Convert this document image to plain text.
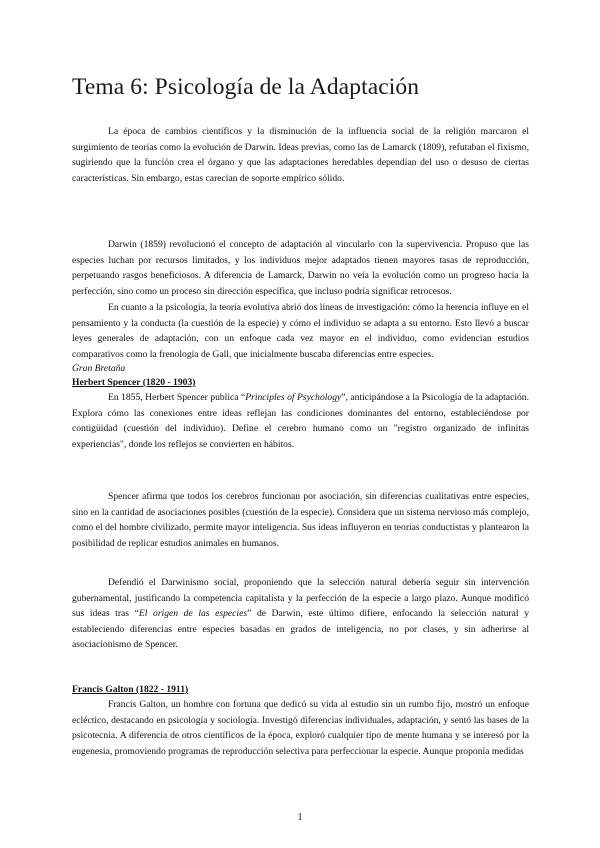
Tema 6: Psicología de la Adaptación

La época de cambios científicos y la disminución de la influencia social de la religión marcaron el surgimiento de teorías como la evolución de Darwin. Ideas previas, como las de Lamarck (1809), refutaban el fixismo, sugiriendo que la función crea el órgano y que las adaptaciones heredables dependían del uso o desuso de ciertas características. Sin embargo, estas carecían de soporte empírico sólido.

Darwin (1859) revolucionó el concepto de adaptación al vincularlo con la supervivencia. Propuso que las especies luchan por recursos limitados, y los individuos mejor adaptados tienen mayores tasas de reproducción, perpetuando rasgos beneficiosos. A diferencia de Lamarck, Darwin no veía la evolución como un progreso hacia la perfección, sino como un proceso sin dirección específica, que incluso podría significar retrocesos.

En cuanto a la psicología, la teoría evolutiva abrió dos líneas de investigación: cómo la herencia influye en el pensamiento y la conducta (la cuestión de la especie) y cómo el individuo se adapta a su entorno. Esto llevó a buscar leyes generales de adaptación, con un enfoque cada vez mayor en el individuo, como evidencian estudios comparativos como la frenología de Gall, que inicialmente buscaba diferencias entre especies.

Gran Bretaña

Herbert Spencer (1820 - 1903)

En 1855, Herbert Spencer publica “Principles of Psychology”, anticipándose a la Psicología de la adaptación. Explora cómo las conexiones entre ideas reflejan las condiciones dominantes del entorno, estableciéndose por contigüidad (cuestión del individuo). Define el cerebro humano como un "registro organizado de infinitas experiencias", donde los reflejos se convierten en hábitos.

Spencer afirma que todos los cerebros funcionan por asociación, sin diferencias cualitativas entre especies, sino en la cantidad de asociaciones posibles (cuestión de la especie). Considera que un sistema nervioso más complejo, como el del hombre civilizado, permite mayor inteligencia. Sus ideas influyeron en teorías conductistas y plantearon la posibilidad de replicar estudios animales en humanos.

Defendió el Darwinismo social, proponiendo que la selección natural debería seguir sin intervención gubernamental, justificando la competencia capitalista y la perfección de la especie a largo plazo. Aunque modificó sus ideas tras “El origen de las especies” de Darwin, este último difiere, enfocando la selección natural y estableciendo diferencias entre especies basadas en grados de inteligencia, no por clases, y sin adherirse al asociacionismo de Spencer.

Francis Galton (1822 - 1911)

Francis Galton, un hombre con fortuna que dedicó su vida al estudio sin un rumbo fijo, mostró un enfoque ecléctico, destacando en psicología y sociología. Investigó diferencias individuales, adaptación, y sentó las bases de la psicotecnia. A diferencia de otros científicos de la época, exploró cualquier tipo de mente humana y se interesó por la eugenesia, promoviendo programas de reproducción selectiva para perfeccionar la especie. Aunque proponía medidas

1
